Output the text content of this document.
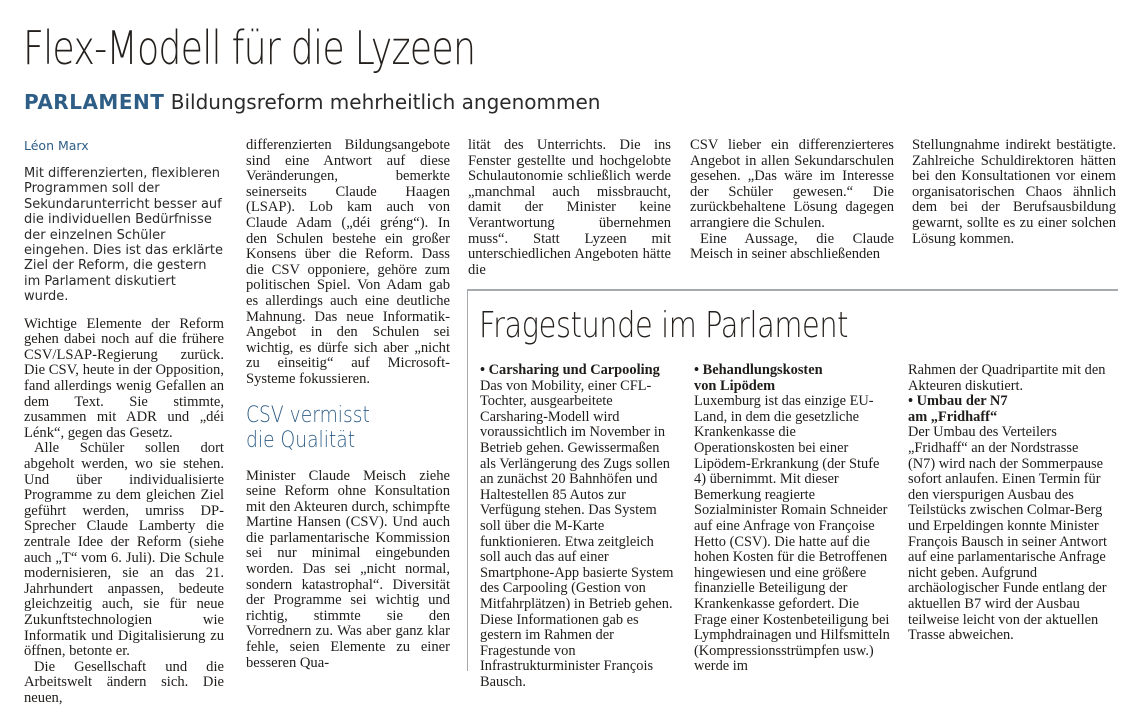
Flex-Modell für die Lyzeen
PARLAMENT Bildungsreform mehrheitlich angenommen
Léon Marx

Mit differenzierten, flexibleren Programmen soll der Sekundarunterricht besser auf die individuellen Bedürfnisse der einzelnen Schüler eingehen. Dies ist das erklärte Ziel der Reform, die gestern im Parlament diskutiert wurde.

Wichtige Elemente der Reform gehen dabei noch auf die frühere CSV/LSAP-Regierung zurück. Die CSV, heute in der Opposition, fand allerdings wenig Gefallen an dem Text. Sie stimmte, zusammen mit ADR und „déi Lénk“, gegen das Gesetz.

Alle Schüler sollen dort abgeholt werden, wo sie stehen. Und über individualisierte Programme zu dem gleichen Ziel geführt werden, umriss DP-Sprecher Claude Lamberty die zentrale Idee der Reform (siehe auch „T“ vom 6. Juli). Die Schule modernisieren, sie an das 21. Jahrhundert anpassen, bedeute gleichzeitig auch, sie für neue Zukunftstechnologien wie Informatik und Digitalisierung zu öffnen, betonte er.

Die Gesellschaft und die Arbeitswelt ändern sich. Die neuen,

differenzierten Bildungsangebote sind eine Antwort auf diese Veränderungen, bemerkte seinerseits Claude Haagen (LSAP). Lob kam auch von Claude Adam („déi gréng“). In den Schulen bestehe ein großer Konsens über die Reform. Dass die CSV opponiere, gehöre zum politischen Spiel. Von Adam gab es allerdings auch eine deutliche Mahnung. Das neue Informatik-Angebot in den Schulen sei wichtig, es dürfe sich aber „nicht zu einseitig“ auf Microsoft-Systeme fokussieren.

CSV vermisst
die Qualität

Minister Claude Meisch ziehe seine Reform ohne Konsultation mit den Akteuren durch, schimpfte Martine Hansen (CSV). Und auch die parlamentarische Kommission sei nur minimal eingebunden worden. Das sei „nicht normal, sondern katastrophal“. Diversität der Programme sei wichtig und richtig, stimmte sie den Vorrednern zu. Was aber ganz klar fehle, seien Elemente zu einer besseren Qua-

lität des Unterrichts. Die ins Fenster gestellte und hochgelobte Schulautonomie schließlich werde „manchmal auch missbraucht, damit der Minister keine Verantwortung übernehmen muss“. Statt Lyzeen mit unterschiedlichen Angeboten hätte die

CSV lieber ein differenzierteres Angebot in allen Sekundarschulen gesehen. „Das wäre im Interesse der Schüler gewesen.“ Die zurückbehaltene Lösung dagegen arrangiere die Schulen.

Eine Aussage, die Claude Meisch in seiner abschließenden

Stellungnahme indirekt bestätigte. Zahlreiche Schuldirektoren hätten bei den Konsultationen vor einem organisatorischen Chaos ähnlich dem bei der Berufsausbildung gewarnt, sollte es zu einer solchen Lösung kommen.

Fragestunde im Parlament

• Carsharing und Carpooling

Das von Mobility, einer CFL-Tochter, ausgearbeitete Carsharing-Modell wird voraussichtlich im November in Betrieb gehen. Gewissermaßen als Verlängerung des Zugs sollen an zunächst 20 Bahnhöfen und Haltestellen 85 Autos zur Verfügung stehen. Das System soll über die M-Karte funktionieren. Etwa zeitgleich soll auch das auf einer Smartphone-App basierte System des Carpooling (Gestion von Mitfahrplätzen) in Betrieb gehen. Diese Informationen gab es gestern im Rahmen der Fragestunde von Infrastrukturminister François Bausch.

• Behandlungskosten

von Lipödem

Luxemburg ist das einzige EU-Land, in dem die gesetzliche Krankenkasse die Operationskosten bei einer Lipödem-Erkrankung (der Stufe 4) übernimmt. Mit dieser Bemerkung reagierte Sozialminister Romain Schneider auf eine Anfrage von Françoise Hetto (CSV). Die hatte auf die hohen Kosten für die Betroffenen hingewiesen und eine größere finanzielle Beteiligung der Krankenkasse gefordert. Die Frage einer Kostenbeteiligung bei Lymphdrainagen und Hilfsmitteln (Kompressionsstrümpfen usw.) werde im

Rahmen der Quadripartite mit den Akteuren diskutiert.

• Umbau der N7

am „Fridhaff“

Der Umbau des Verteilers „Fridhaff“ an der Nordstrasse (N7) wird nach der Sommerpause sofort anlaufen. Einen Termin für den vierspurigen Ausbau des Teilstücks zwischen Colmar-Berg und Erpeldingen konnte Minister François Bausch in seiner Antwort auf eine parlamentarische Anfrage nicht geben. Aufgrund archäologischer Funde entlang der aktuellen B7 wird der Ausbau teilweise leicht von der aktuellen Trasse abweichen.
